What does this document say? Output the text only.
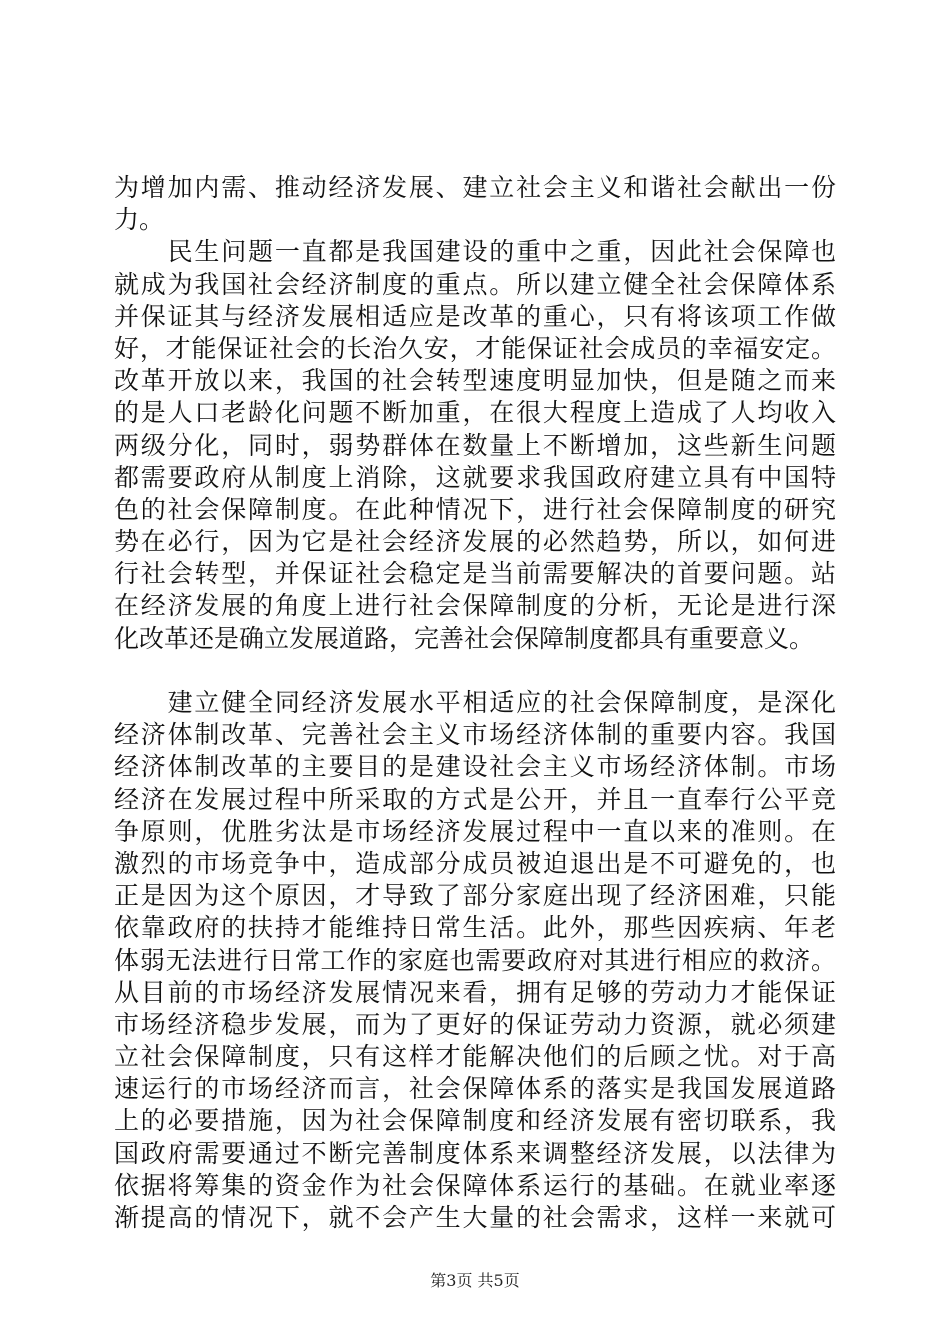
为增加内需、推动经济发展、建立社会主义和谐社会献出一份
力。
　　民生问题一直都是我国建设的重中之重，因此社会保障也
就成为我国社会经济制度的重点。所以建立健全社会保障体系
并保证其与经济发展相适应是改革的重心，只有将该项工作做
好，才能保证社会的长治久安，才能保证社会成员的幸福安定。
改革开放以来，我国的社会转型速度明显加快，但是随之而来
的是人口老龄化问题不断加重，在很大程度上造成了人均收入
两级分化，同时，弱势群体在数量上不断增加，这些新生问题
都需要政府从制度上消除，这就要求我国政府建立具有中国特
色的社会保障制度。在此种情况下，进行社会保障制度的研究
势在必行，因为它是社会经济发展的必然趋势，所以，如何进
行社会转型，并保证社会稳定是当前需要解决的首要问题。站
在经济发展的角度上进行社会保障制度的分析，无论是进行深
化改革还是确立发展道路，完善社会保障制度都具有重要意义。
　　建立健全同经济发展水平相适应的社会保障制度，是深化
经济体制改革、完善社会主义市场经济体制的重要内容。我国
经济体制改革的主要目的是建设社会主义市场经济体制。市场
经济在发展过程中所采取的方式是公开，并且一直奉行公平竞
争原则，优胜劣汰是市场经济发展过程中一直以来的准则。在
激烈的市场竞争中，造成部分成员被迫退出是不可避免的，也
正是因为这个原因，才导致了部分家庭出现了经济困难，只能
依靠政府的扶持才能维持日常生活。此外，那些因疾病、年老
体弱无法进行日常工作的家庭也需要政府对其进行相应的救济。
从目前的市场经济发展情况来看，拥有足够的劳动力才能保证
市场经济稳步发展，而为了更好的保证劳动力资源，就必须建
立社会保障制度，只有这样才能解决他们的后顾之忧。对于高
速运行的市场经济而言，社会保障体系的落实是我国发展道路
上的必要措施，因为社会保障制度和经济发展有密切联系，我
国政府需要通过不断完善制度体系来调整经济发展，以法律为
依据将筹集的资金作为社会保障体系运行的基础。在就业率逐
渐提高的情况下，就不会产生大量的社会需求，这样一来就可
第3页 共5页
